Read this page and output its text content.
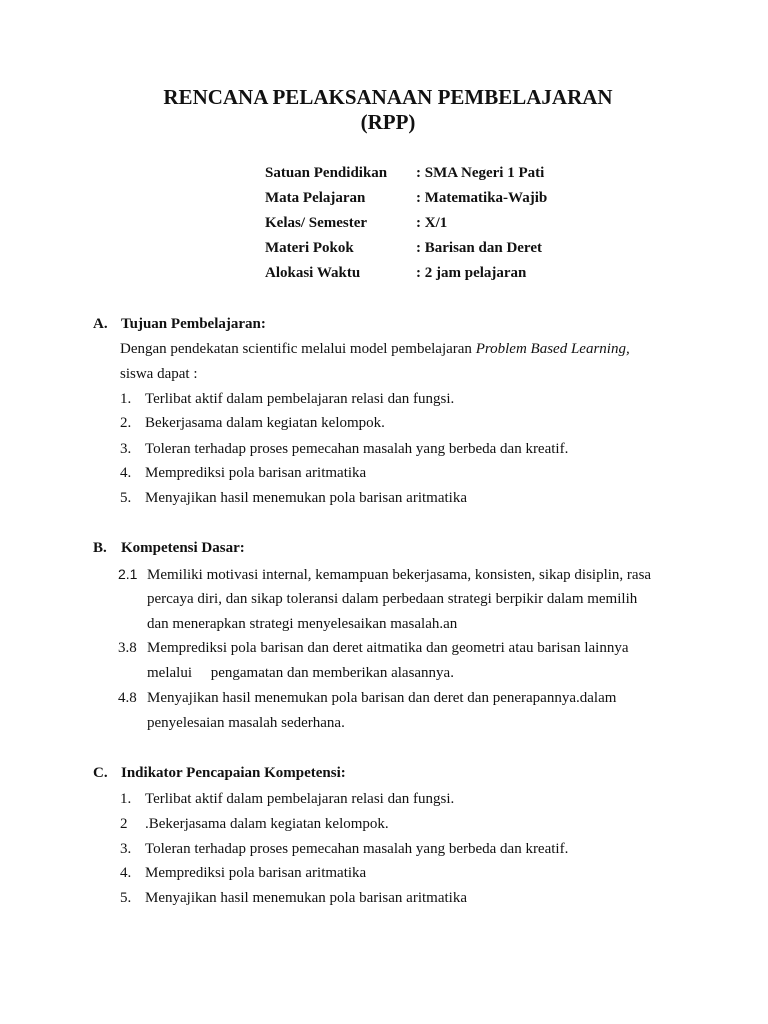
RENCANA PELAKSANAAN PEMBELAJARAN
(RPP)
Satuan Pendidikan : SMA Negeri 1 Pati
Mata Pelajaran	: Matematika-Wajib
Kelas/ Semester	: X/1
Materi Pokok	: Barisan dan Deret
Alokasi Waktu	: 2 jam pelajaran
A. Tujuan Pembelajaran:
Dengan pendekatan scientific melalui model pembelajaran Problem Based Learning,
siswa dapat :
1. Terlibat aktif dalam pembelajaran relasi dan fungsi.
2. Bekerjasama dalam kegiatan kelompok.
3. Toleran terhadap proses pemecahan masalah yang berbeda dan kreatif.
4. Memprediksi pola barisan aritmatika
5. Menyajikan hasil menemukan pola barisan aritmatika
B. Kompetensi Dasar:
2.1 Memiliki motivasi internal, kemampuan bekerjasama, konsisten, sikap disiplin, rasa
percaya diri, dan sikap toleransi dalam perbedaan strategi berpikir dalam memilih
dan menerapkan strategi menyelesaikan masalah.an
3.8 Memprediksi pola barisan dan deret aitmatika dan geometri atau barisan lainnya
melalui     pengamatan dan memberikan alasannya.
4.8 Menyajikan hasil menemukan pola barisan dan deret dan penerapannya.dalam
penyelesaian masalah sederhana.
C. Indikator Pencapaian Kompetensi:
1. Terlibat aktif dalam pembelajaran relasi dan fungsi.
2 .Bekerjasama dalam kegiatan kelompok.
3. Toleran terhadap proses pemecahan masalah yang berbeda dan kreatif.
4. Memprediksi pola barisan aritmatika
5. Menyajikan hasil menemukan pola barisan aritmatika
